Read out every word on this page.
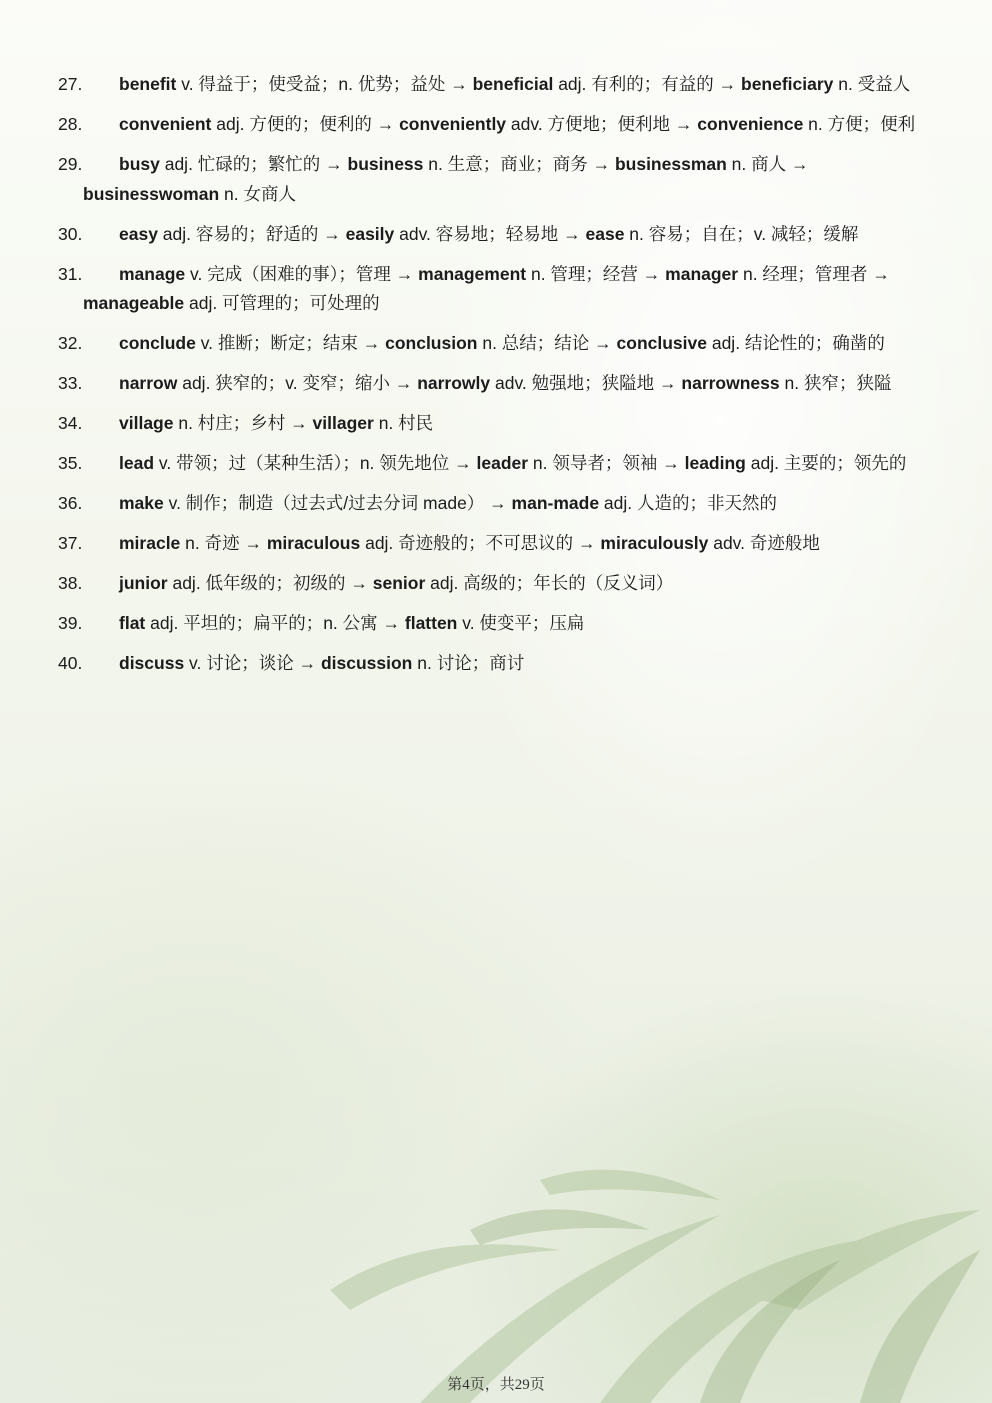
27.	benefit v. 得益于；使受益；n. 优势；益处 → beneficial adj. 有利的；有益的 → beneficiary n. 受益人
28.	convenient adj. 方便的；便利的 → conveniently adv. 方便地；便利地 → convenience n. 方便；便利
29.	busy adj. 忙碌的；繁忙的 → business n. 生意；商业；商务 → businessman n. 商人 → businesswoman n. 女商人
30.	easy adj. 容易的；舒适的 → easily adv. 容易地；轻易地 → ease n. 容易；自在；v. 减轻；缓解
31.	manage v. 完成（困难的事）；管理 → management n. 管理；经营 → manager n. 经理；管理者 → manageable adj. 可管理的；可处理的
32.	conclude v. 推断；断定；结束 → conclusion n. 总结；结论 → conclusive adj. 结论性的；确凿的
33.	narrow adj. 狭窄的；v. 变窄；缩小 → narrowly adv. 勉强地；狭隘地 → narrowness n. 狭窄；狭隘
34.	village n. 村庄；乡村 → villager n. 村民
35.	lead v. 带领；过（某种生活）；n. 领先地位 → leader n. 领导者；领袖 → leading adj. 主要的；领先的
36.	make v. 制作；制造（过去式/过去分词 made） → man-made adj. 人造的；非天然的
37.	miracle n. 奇迹 → miraculous adj. 奇迹般的；不可思议的 → miraculously adv. 奇迹般地
38.	junior adj. 低年级的；初级的 → senior adj. 高级的；年长的（反义词）
39.	flat adj. 平坦的；扁平的；n. 公寓 → flatten v. 使变平；压扁
40.	discuss v. 讨论；谈论 → discussion n. 讨论；商讨
第4页，共29页
